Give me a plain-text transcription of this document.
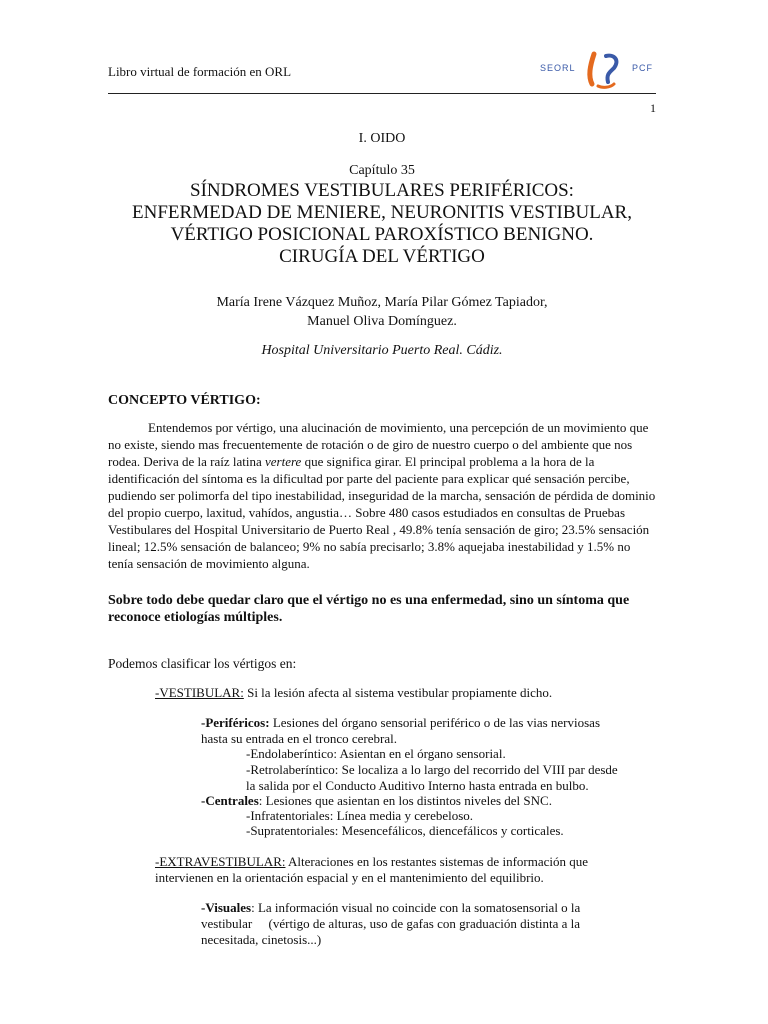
Libro virtual de formación en ORL	SEORL	PCF
1
I. OIDO
Capítulo 35
SÍNDROMES VESTIBULARES PERIFÉRICOS:
ENFERMEDAD DE MENIERE, NEURONITIS VESTIBULAR,
VÉRTIGO POSICIONAL PAROXÍSTICO BENIGNO.
CIRUGÍA DEL VÉRTIGO
María Irene Vázquez Muñoz, María Pilar Gómez Tapiador,
Manuel Oliva Domínguez.
Hospital Universitario Puerto Real. Cádiz.
CONCEPTO VÉRTIGO:
Entendemos por vértigo, una alucinación de movimiento, una percepción de un movimiento que no existe, siendo mas frecuentemente de rotación o de giro de nuestro cuerpo o del ambiente que nos rodea. Deriva de la raíz latina vertere que significa girar. El principal problema a la hora de la identificación del síntoma es la dificultad por parte del paciente para explicar qué sensación percibe, pudiendo ser polimorfa del tipo inestabilidad, inseguridad de la marcha, sensación de pérdida de dominio del propio cuerpo, laxitud, vahídos, angustia… Sobre 480 casos estudiados en consultas de Pruebas Vestibulares del Hospital Universitario de Puerto Real , 49.8% tenía sensación de giro; 23.5% sensación lineal; 12.5% sensación de balanceo; 9% no sabía precisarlo; 3.8% aquejaba inestabilidad y 1.5% no tenía sensación de movimiento alguna.
Sobre todo debe quedar claro que el vértigo no es una enfermedad, sino un síntoma que reconoce etiologías múltiples.
Podemos clasificar los vértigos en:
-VESTIBULAR: Si la lesión afecta al sistema vestibular propiamente dicho.
-Periféricos: Lesiones del órgano sensorial periférico o de las vias nerviosas
hasta su entrada en el tronco cerebral.
-Endolaberíntico: Asientan en el órgano sensorial.
-Retrolaberíntico: Se localiza a lo largo del recorrido del VIII par desde
la salida por el Conducto Auditivo Interno hasta entrada en bulbo.
-Centrales: Lesiones que asientan en los distintos niveles del SNC.
-Infratentoriales: Línea media y cerebeloso.
-Supratentoriales: Mesencefálicos, diencefálicos y corticales.
-EXTRAVESTIBULAR: Alteraciones en los restantes sistemas de información que
intervienen en la orientación espacial y en el mantenimiento del equilibrio.
-Visuales: La información visual no coincide con la somatosensorial o la
vestibular     (vértigo de alturas, uso de gafas con graduación distinta a la
necesitada, cinetosis...)
